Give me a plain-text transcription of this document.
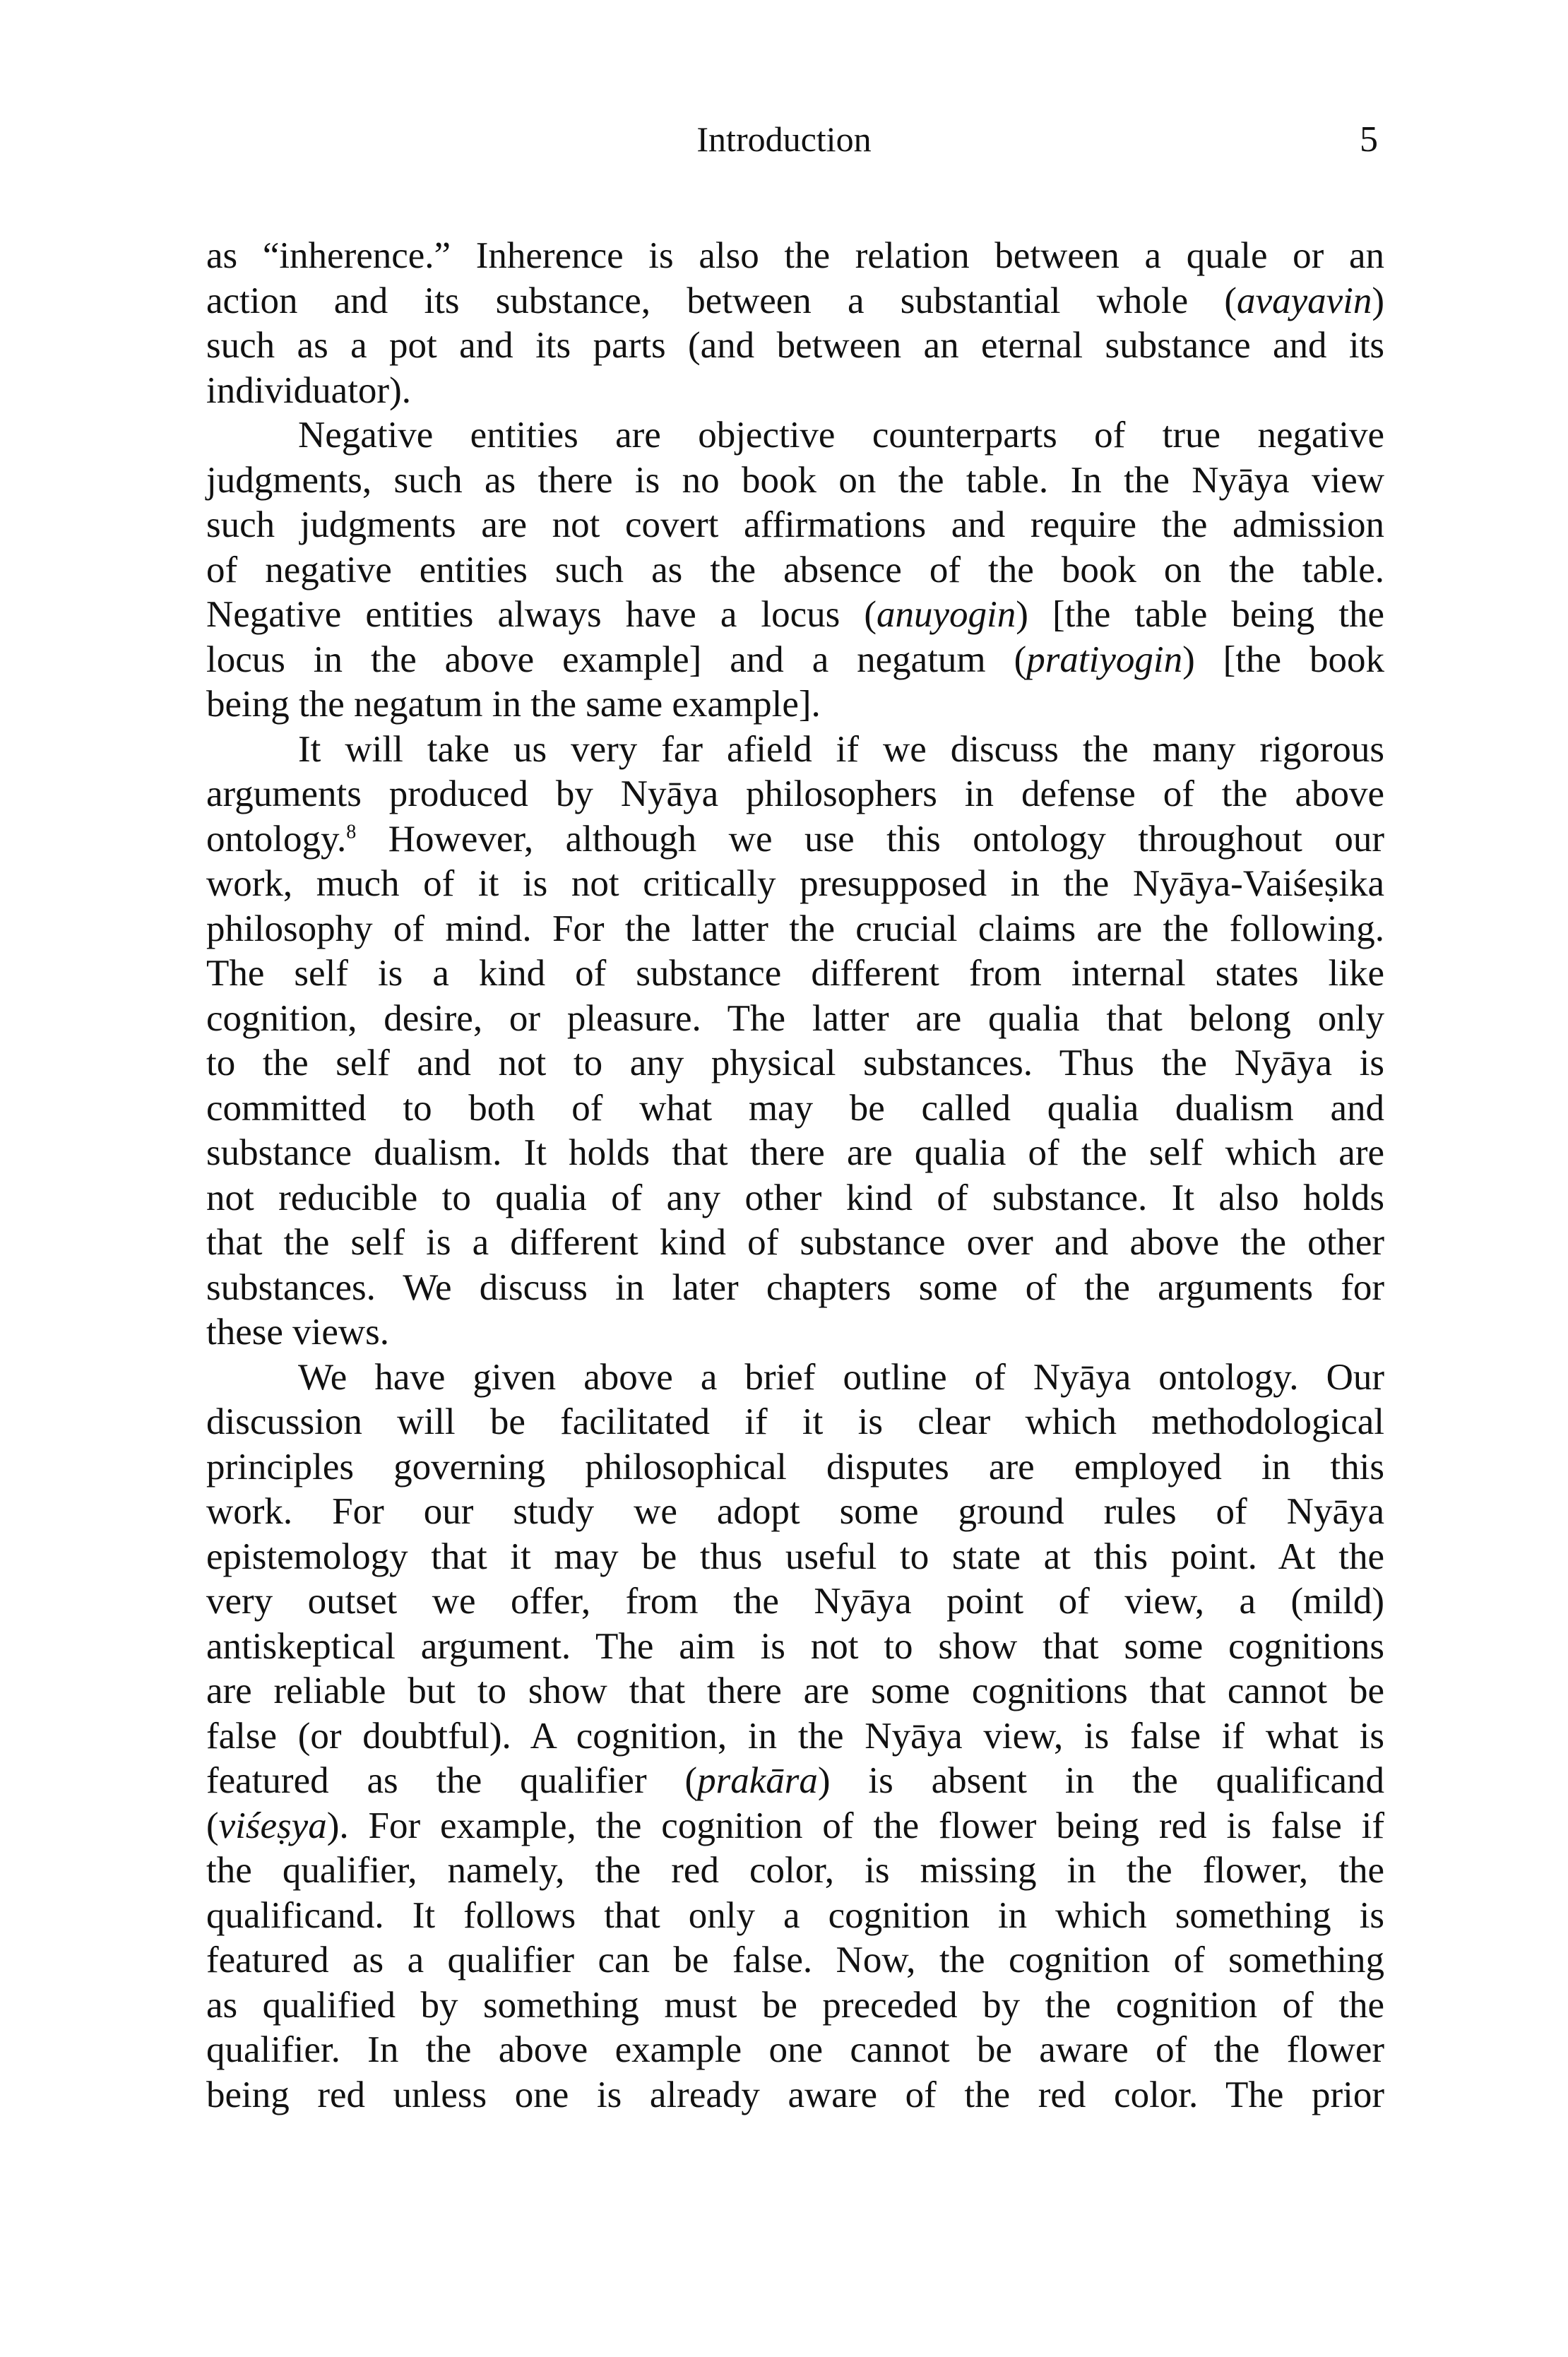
Introduction	5
as “inherence.” Inherence is also the relation between a quale or an
action and its substance, between a substantial whole (avayavin)
such as a pot and its parts (and between an eternal substance and its
individuator).
Negative entities are objective counterparts of true negative
judgments, such as there is no book on the table. In the Nyāya view
such judgments are not covert affirmations and require the admission
of negative entities such as the absence of the book on the table.
Negative entities always have a locus (anuyogin) [the table being the
locus in the above example] and a negatum (pratiyogin) [the book
being the negatum in the same example].
It will take us very far afield if we discuss the many rigorous
arguments produced by Nyāya philosophers in defense of the above
ontology.$^8$ However, although we use this ontology throughout our
work, much of it is not critically presupposed in the Nyāya-Vaiśeṣika
philosophy of mind. For the latter the crucial claims are the following.
The self is a kind of substance different from internal states like
cognition, desire, or pleasure. The latter are qualia that belong only
to the self and not to any physical substances. Thus the Nyāya is
committed to both of what may be called qualia dualism and
substance dualism. It holds that there are qualia of the self which are
not reducible to qualia of any other kind of substance. It also holds
that the self is a different kind of substance over and above the other
substances. We discuss in later chapters some of the arguments for
these views.
We have given above a brief outline of Nyāya ontology. Our
discussion will be facilitated if it is clear which methodological
principles governing philosophical disputes are employed in this
work. For our study we adopt some ground rules of Nyāya
epistemology that it may be thus useful to state at this point. At the
very outset we offer, from the Nyāya point of view, a (mild)
antiskeptical argument. The aim is not to show that some cognitions
are reliable but to show that there are some cognitions that cannot be
false (or doubtful). A cognition, in the Nyāya view, is false if what is
featured as the qualifier (prakāra) is absent in the qualificand
(viśeṣya). For example, the cognition of the flower being red is false if
the qualifier, namely, the red color, is missing in the flower, the
qualificand. It follows that only a cognition in which something is
featured as a qualifier can be false. Now, the cognition of something
as qualified by something must be preceded by the cognition of the
qualifier. In the above example one cannot be aware of the flower
being red unless one is already aware of the red color. The prior
